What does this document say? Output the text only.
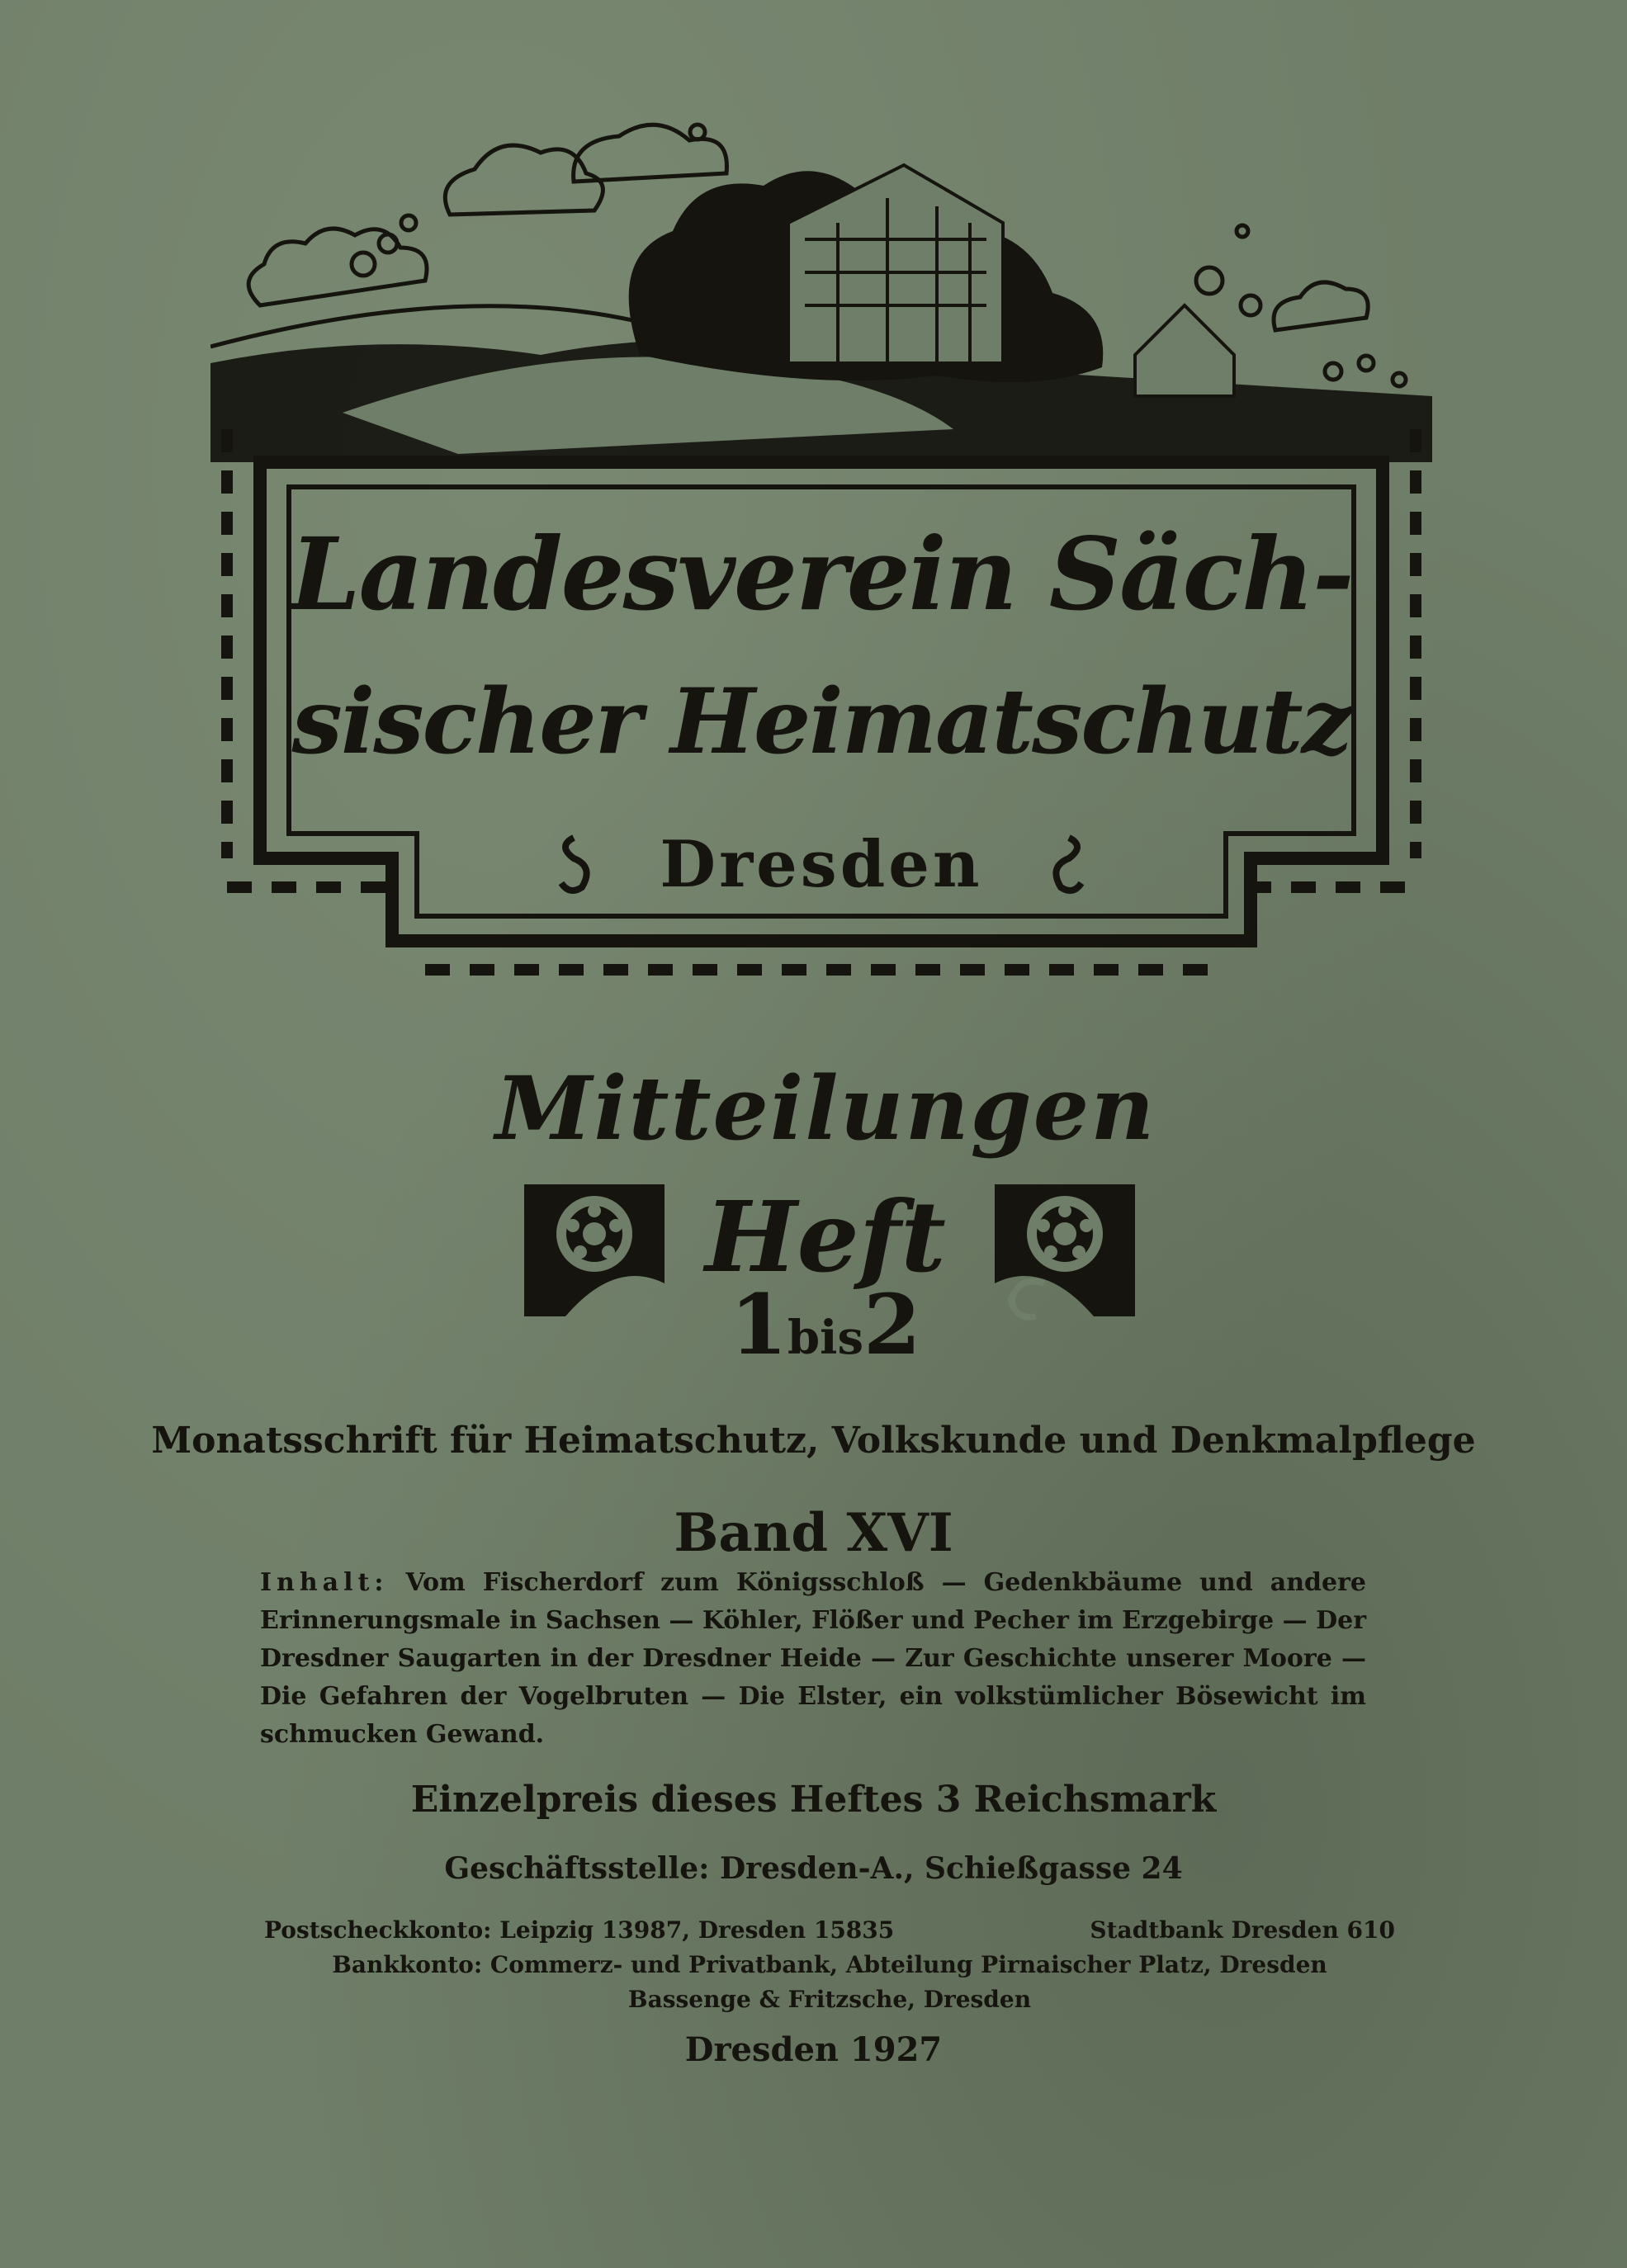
Landesverein Säch-
sischer Heimatschutz
Dresden
Mitteilungen
Heft
1bis2
Monatsschrift für Heimatschutz, Volkskunde und Denkmalpflege
Band XVI
Inhalt: Vom Fischerdorf zum Königsschloß — Gedenkbäume und andere Erinnerungsmale in Sachsen — Köhler, Flößer und Pecher im Erzgebirge — Der Dresdner Saugarten in der Dresdner Heide — Zur Geschichte unserer Moore — Die Gefahren der Vogelbruten — Die Elster, ein volkstümlicher Bösewicht im schmucken Gewand.
Einzelpreis dieses Heftes 3 Reichsmark
Geschäftsstelle: Dresden-A., Schießgasse 24
Postscheckkonto: Leipzig 13987, Dresden 15835	Stadtbank Dresden 610
Bankkonto: Commerz- und Privatbank, Abteilung Pirnaischer Platz, Dresden
Bassenge & Fritzsche, Dresden
Dresden 1927
